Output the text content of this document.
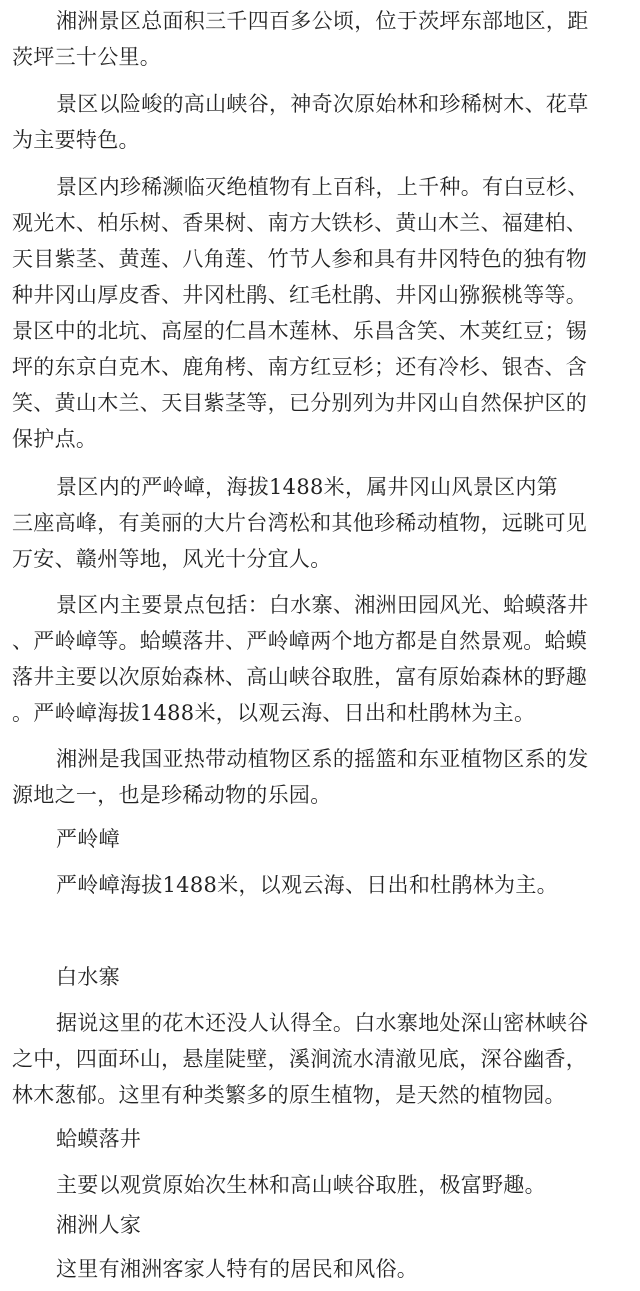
湘洲景区总面积三千四百多公顷，位于茨坪东部地区，距
茨坪三十公里。
景区以险峻的高山峡谷，神奇次原始林和珍稀树木、花草
为主要特色。
景区内珍稀濒临灭绝植物有上百科，上千种。有白豆杉、
观光木、柏乐树、香果树、南方大铁杉、黄山木兰、福建柏、
天目紫茎、黄莲、八角莲、竹节人参和具有井冈特色的独有物
种井冈山厚皮香、井冈杜鹃、红毛杜鹃、井冈山猕猴桃等等。
景区中的北坑、高屋的仁昌木莲林、乐昌含笑、木荚红豆；锡
坪的东京白克木、鹿角栲、南方红豆杉；还有冷杉、银杏、含
笑、黄山木兰、天目紫茎等，已分别列为井冈山自然保护区的
保护点。
景区内的严岭嶂，海拔1488米，属井冈山风景区内第
三座高峰，有美丽的大片台湾松和其他珍稀动植物，远眺可见
万安、赣州等地，风光十分宜人。
景区内主要景点包括：白水寨、湘洲田园风光、蛤蟆落井
、严岭嶂等。蛤蟆落井、严岭嶂两个地方都是自然景观。蛤蟆
落井主要以次原始森林、高山峡谷取胜，富有原始森林的野趣
。严岭嶂海拔1488米，以观云海、日出和杜鹃林为主。
湘洲是我国亚热带动植物区系的摇篮和东亚植物区系的发
源地之一，也是珍稀动物的乐园。
严岭嶂
严岭嶂海拔1488米，以观云海、日出和杜鹃林为主。
白水寨
据说这里的花木还没人认得全。白水寨地处深山密林峡谷
之中，四面环山，悬崖陡壁，溪涧流水清澈见底，深谷幽香，
林木葱郁。这里有种类繁多的原生植物，是天然的植物园。
蛤蟆落井
主要以观赏原始次生林和高山峡谷取胜，极富野趣。
湘洲人家
这里有湘洲客家人特有的居民和风俗。
